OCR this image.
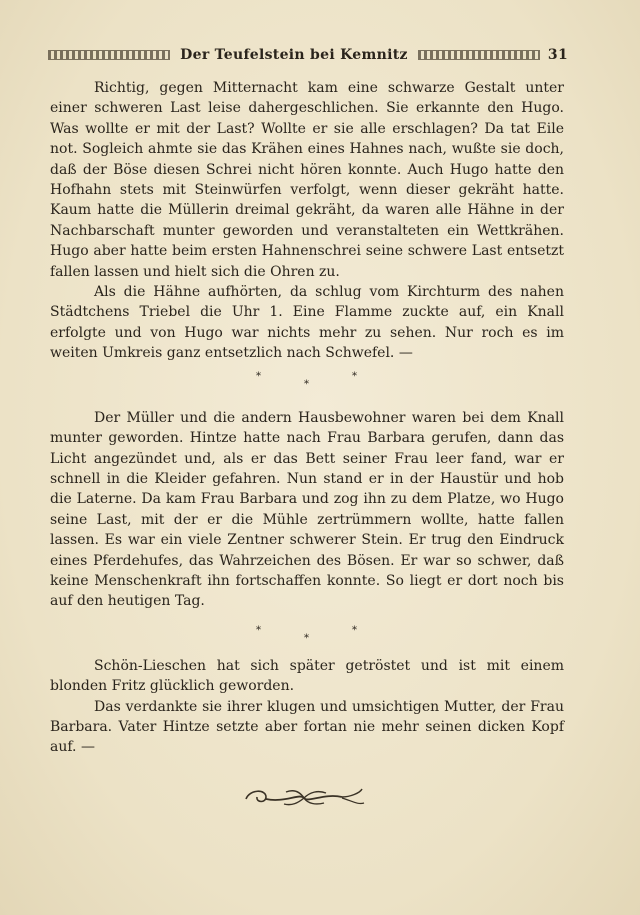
Der Teufelstein bei Kemnitz	31

Richtig, gegen Mitternacht kam eine schwarze Gestalt unter einer schweren Last leise dahergeschlichen. Sie erkannte den Hugo. Was wollte er mit der Last? Wollte er sie alle erschlagen? Da tat Eile not. Sogleich ahmte sie das Krähen eines Hahnes nach, wußte sie doch, daß der Böse diesen Schrei nicht hören konnte. Auch Hugo hatte den Hofhahn stets mit Steinwürfen verfolgt, wenn dieser gekräht hatte. Kaum hatte die Müllerin dreimal gekräht, da waren alle Hähne in der Nachbarschaft munter geworden und veranstalteten ein Wettkrähen. Hugo aber hatte beim ersten Hahnenschrei seine schwere Last entsetzt fallen lassen und hielt sich die Ohren zu.

Als die Hähne aufhörten, da schlug vom Kirchturm des nahen Städtchens Triebel die Uhr 1. Eine Flamme zuckte auf, ein Knall erfolgte und von Hugo war nichts mehr zu sehen. Nur roch es im weiten Umkreis ganz entsetzlich nach Schwefel. —

*
*
*

Der Müller und die andern Hausbewohner waren bei dem Knall munter geworden. Hintze hatte nach Frau Barbara gerufen, dann das Licht angezündet und, als er das Bett seiner Frau leer fand, war er schnell in die Kleider gefahren. Nun stand er in der Haustür und hob die Laterne. Da kam Frau Barbara und zog ihn zu dem Platze, wo Hugo seine Last, mit der er die Mühle zertrümmern wollte, hatte fallen lassen. Es war ein viele Zentner schwerer Stein. Er trug den Eindruck eines Pferdehufes, das Wahrzeichen des Bösen. Er war so schwer, daß keine Menschenkraft ihn fortschaffen konnte. So liegt er dort noch bis auf den heutigen Tag.

*
*
*

Schön-Lieschen hat sich später getröstet und ist mit einem blonden Fritz glücklich geworden.

Das verdankte sie ihrer klugen und umsichtigen Mutter, der Frau Barbara. Vater Hintze setzte aber fortan nie mehr seinen dicken Kopf auf. —
